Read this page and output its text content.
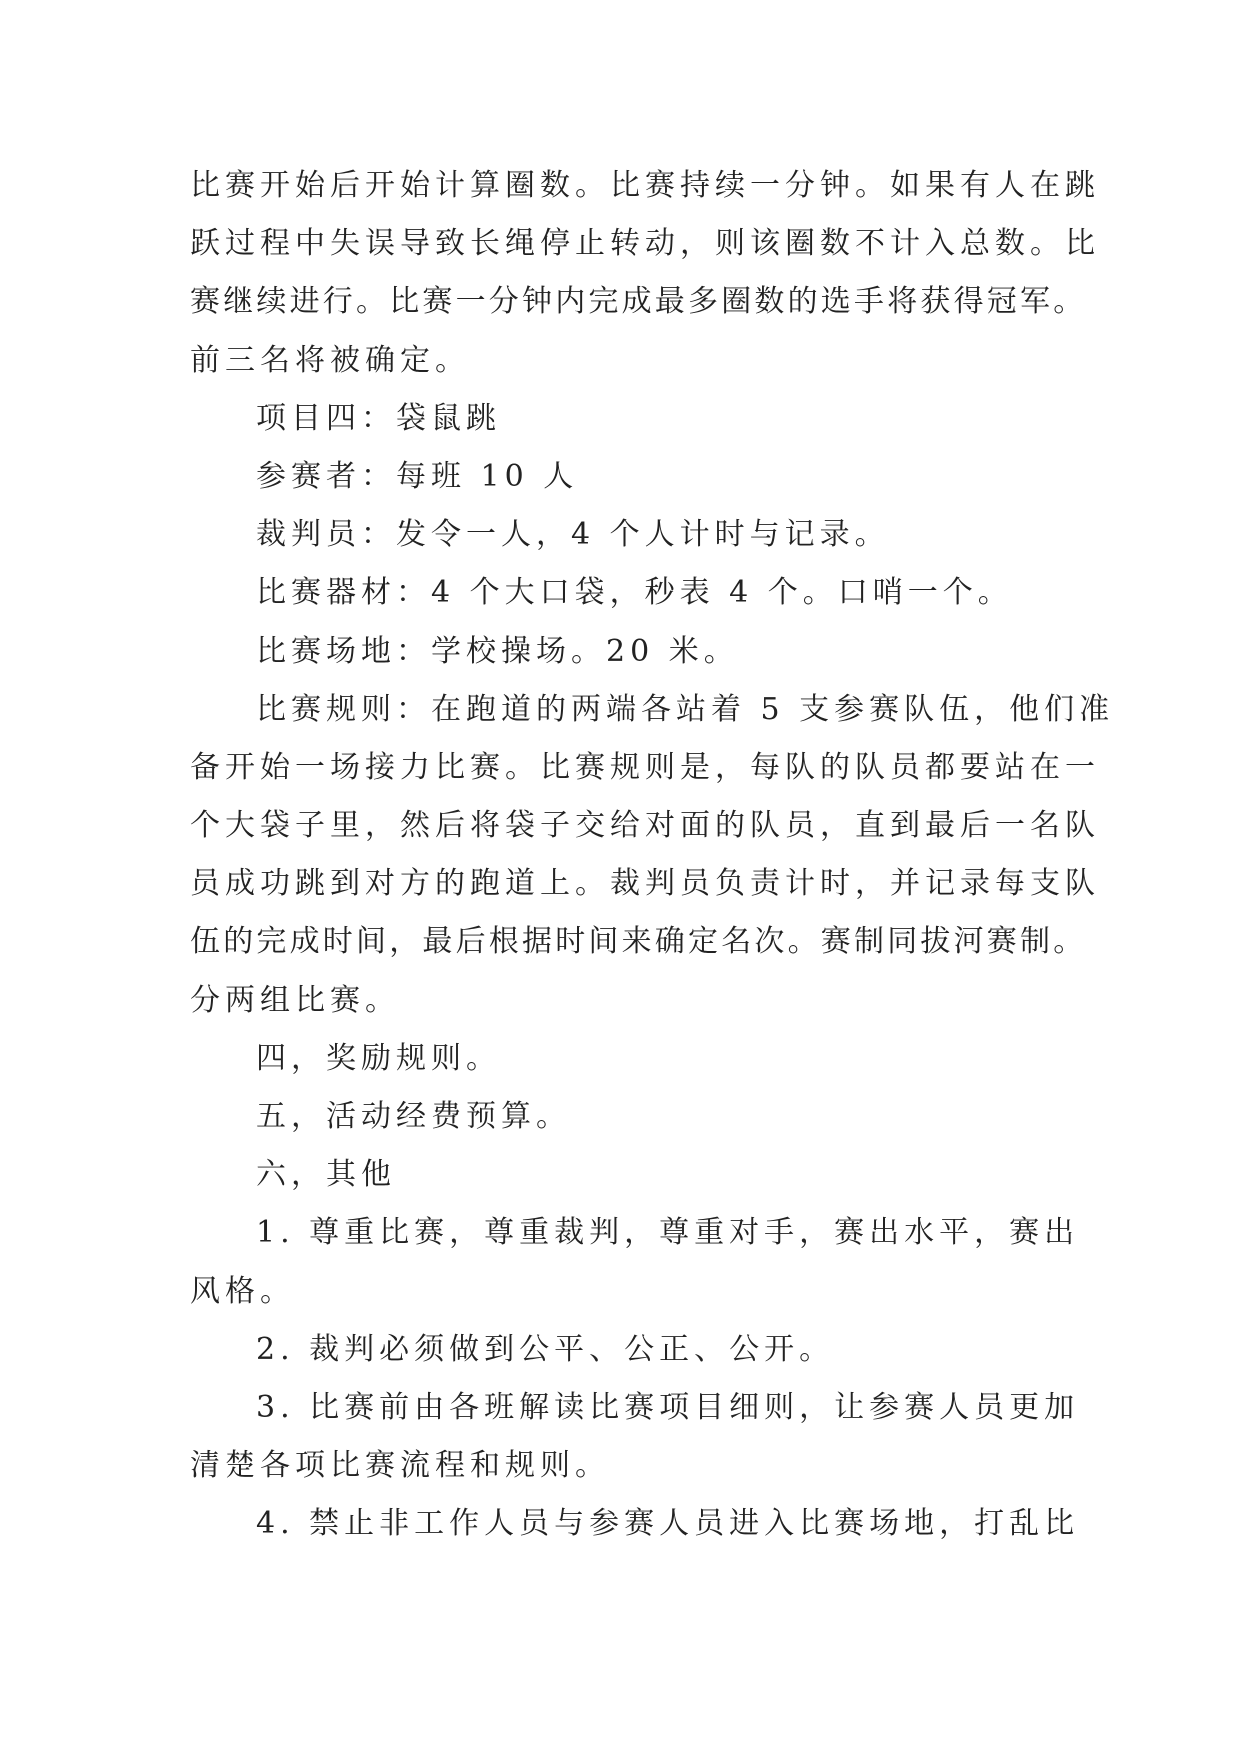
比赛开始后开始计算圈数。比赛持续一分钟。如果有人在跳

跃过程中失误导致长绳停止转动，则该圈数不计入总数。比

赛继续进行。比赛一分钟内完成最多圈数的选手将获得冠军。

前三名将被确定。

项目四：袋鼠跳

参赛者：每班 10 人

裁判员：发令一人，4 个人计时与记录。

比赛器材：4 个大口袋，秒表 4 个。口哨一个。

比赛场地：学校操场。20 米。

比赛规则：在跑道的两端各站着 5 支参赛队伍，他们准

备开始一场接力比赛。比赛规则是，每队的队员都要站在一

个大袋子里，然后将袋子交给对面的队员，直到最后一名队

员成功跳到对方的跑道上。裁判员负责计时，并记录每支队

伍的完成时间，最后根据时间来确定名次。赛制同拔河赛制。

分两组比赛。

四，奖励规则。

五，活动经费预算。

六，其他

1. 尊重比赛，尊重裁判，尊重对手，赛出水平，赛出

风格。

2. 裁判必须做到公平、公正、公开。

3. 比赛前由各班解读比赛项目细则，让参赛人员更加

清楚各项比赛流程和规则。

4. 禁止非工作人员与参赛人员进入比赛场地，打乱比
